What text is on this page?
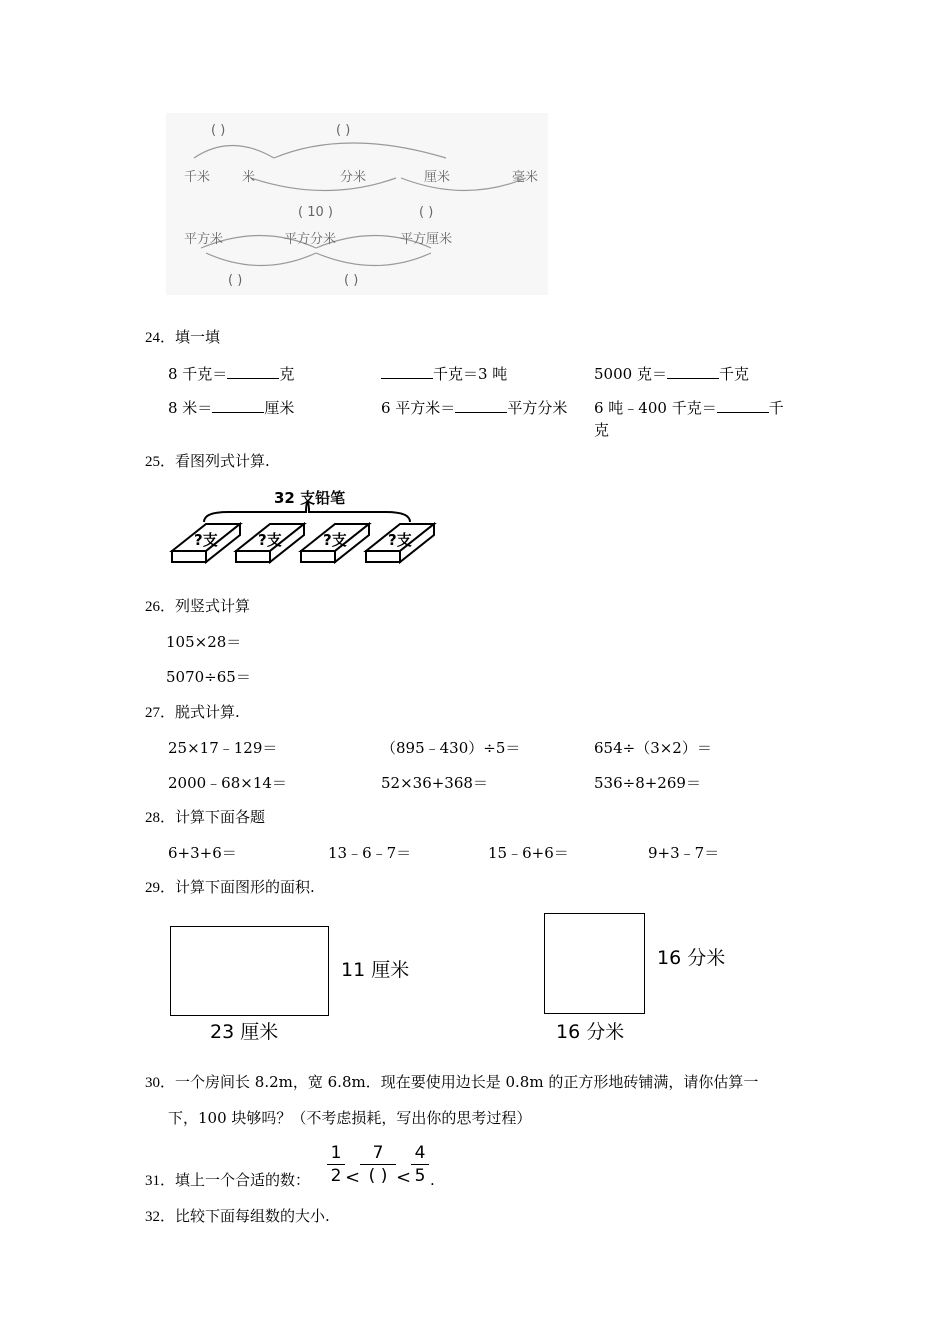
( )	( )
千米 米	分米	厘米	毫米
( 10 )	( )
平方米	平方分米	平方厘米
( )	( )
24．填一填
8 千克＝	克	千克＝3 吨	5000 克＝	千克
8 米＝	厘米	6 平方米＝	平方分米 6 吨﹣400 千克＝	千
克
25．看图列式计算.
32 支铅笔
?支	?支	?支	?支
26．列竖式计算
105×28＝
5070÷65＝
27．脱式计算.
25×17﹣129＝	（895﹣430）÷5＝	654÷（3×2）＝
2000﹣68×14＝	52×36+368＝	536÷8+269＝
28．计算下面各题
6+3+6＝	13﹣6﹣7＝	15﹣6+6＝	9+3﹣7＝
29．计算下面图形的面积.
11 厘米
23 厘米
16 分米
16 分米
30．一个房间长 8.2m，宽 6.8m．现在要使用边长是 0.8m 的正方形地砖铺满，请你估算一
下，100 块够吗？（不考虑损耗，写出你的思考过程）
31．填上一个合适的数：
1
2 <
7
( ) <
4
5 .
32．比较下面每组数的大小.
